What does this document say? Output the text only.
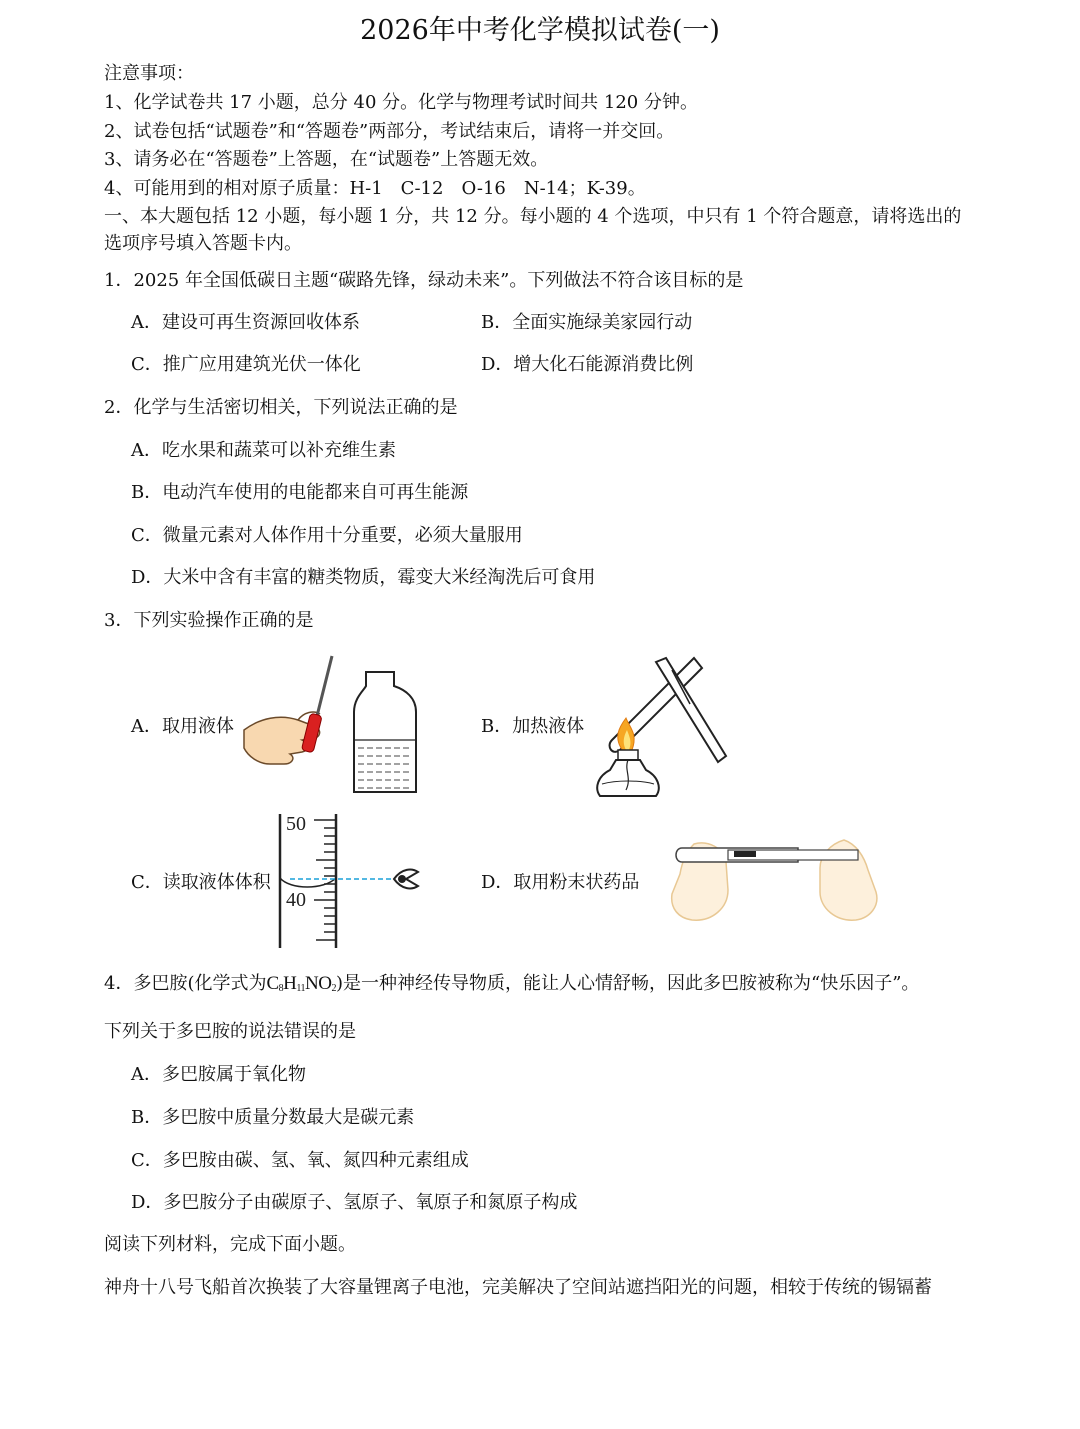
2026年中考化学模拟试卷(一)
注意事项：
1、化学试卷共 17 小题，总分 40 分。化学与物理考试时间共 120 分钟。
2、试卷包括“试题卷”和“答题卷”两部分，考试结束后，请将一并交回。
3、请务必在“答题卷”上答题，在“试题卷”上答题无效。
4、可能用到的相对原子质量：H-1　C-12　O-16　N-14；K-39。
一、本大题包括 12 小题，每小题 1 分，共 12 分。每小题的 4 个选项，中只有 1 个符合题意，请将选出的
选项序号填入答题卡内。
1．2025 年全国低碳日主题“碳路先锋，绿动未来”。下列做法不符合该目标的是
A．建设可再生资源回收体系	B．全面实施绿美家园行动
C．推广应用建筑光伏一体化	D．增大化石能源消费比例
2．化学与生活密切相关，下列说法正确的是
A．吃水果和蔬菜可以补充维生素
B．电动汽车使用的电能都来自可再生能源
C．微量元素对人体作用十分重要，必须大量服用
D．大米中含有丰富的糖类物质，霉变大米经淘洗后可食用
3．下列实验操作正确的是
A．取用液体	B．加热液体
C．读取液体体积	D．取用粉末状药品
50
40
4．多巴胺(化学式为$C_8H_{11}NO_2$)是一种神经传导物质，能让人心情舒畅，因此多巴胺被称为“快乐因子”。
下列关于多巴胺的说法错误的是
A．多巴胺属于氧化物
B．多巴胺中质量分数最大是碳元素
C．多巴胺由碳、氢、氧、氮四种元素组成
D．多巴胺分子由碳原子、氢原子、氧原子和氮原子构成
阅读下列材料，完成下面小题。
神舟十八号飞船首次换装了大容量锂离子电池，完美解决了空间站遮挡阳光的问题，相较于传统的锡镉蓄
